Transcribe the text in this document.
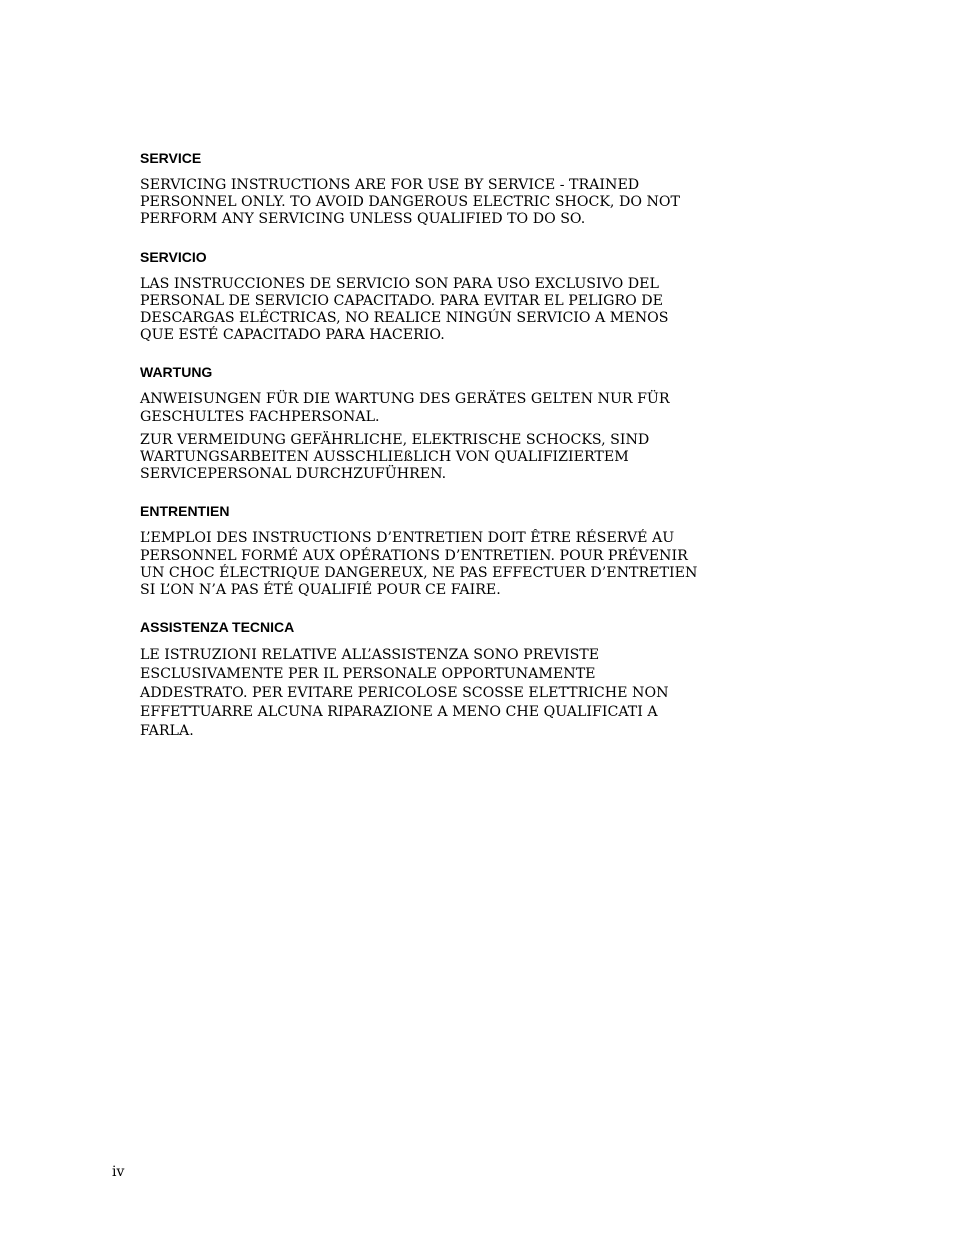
SERVICE

SERVICING INSTRUCTIONS ARE FOR USE BY SERVICE - TRAINED
PERSONNEL ONLY. TO AVOID DANGEROUS ELECTRIC SHOCK, DO NOT
PERFORM ANY SERVICING UNLESS QUALIFIED TO DO SO.

SERVICIO

LAS INSTRUCCIONES DE SERVICIO SON PARA USO EXCLUSIVO DEL
PERSONAL DE SERVICIO CAPACITADO. PARA EVITAR EL PELIGRO DE
DESCARGAS ELÉCTRICAS, NO REALICE NINGÚN SERVICIO A MENOS
QUE ESTÉ CAPACITADO PARA HACERIO.

WARTUNG

ANWEISUNGEN FÜR DIE WARTUNG DES GERÄTES GELTEN NUR FÜR
GESCHULTES FACHPERSONAL.

ZUR VERMEIDUNG GEFÄHRLICHE, ELEKTRISCHE SCHOCKS, SIND
WARTUNGSARBEITEN AUSSCHLIEßLICH VON QUALIFIZIERTEM
SERVICEPERSONAL DURCHZUFÜHREN.

ENTRENTIEN

L’EMPLOI DES INSTRUCTIONS D’ENTRETIEN DOIT ÊTRE RÉSERVÉ AU
PERSONNEL FORMÉ AUX OPÉRATIONS D’ENTRETIEN. POUR PRÉVENIR
UN CHOC ÉLECTRIQUE DANGEREUX, NE PAS EFFECTUER D’ENTRETIEN
SI L’ON N’A PAS ÉTÉ QUALIFIÉ POUR CE FAIRE.

ASSISTENZA TECNICA

LE ISTRUZIONI RELATIVE ALL’ASSISTENZA SONO PREVISTE
ESCLUSIVAMENTE PER IL PERSONALE OPPORTUNAMENTE
ADDESTRATO. PER EVITARE PERICOLOSE SCOSSE ELETTRICHE NON
EFFETTUARRE ALCUNA RIPARAZIONE A MENO CHE QUALIFICATI A
FARLA.

iv
